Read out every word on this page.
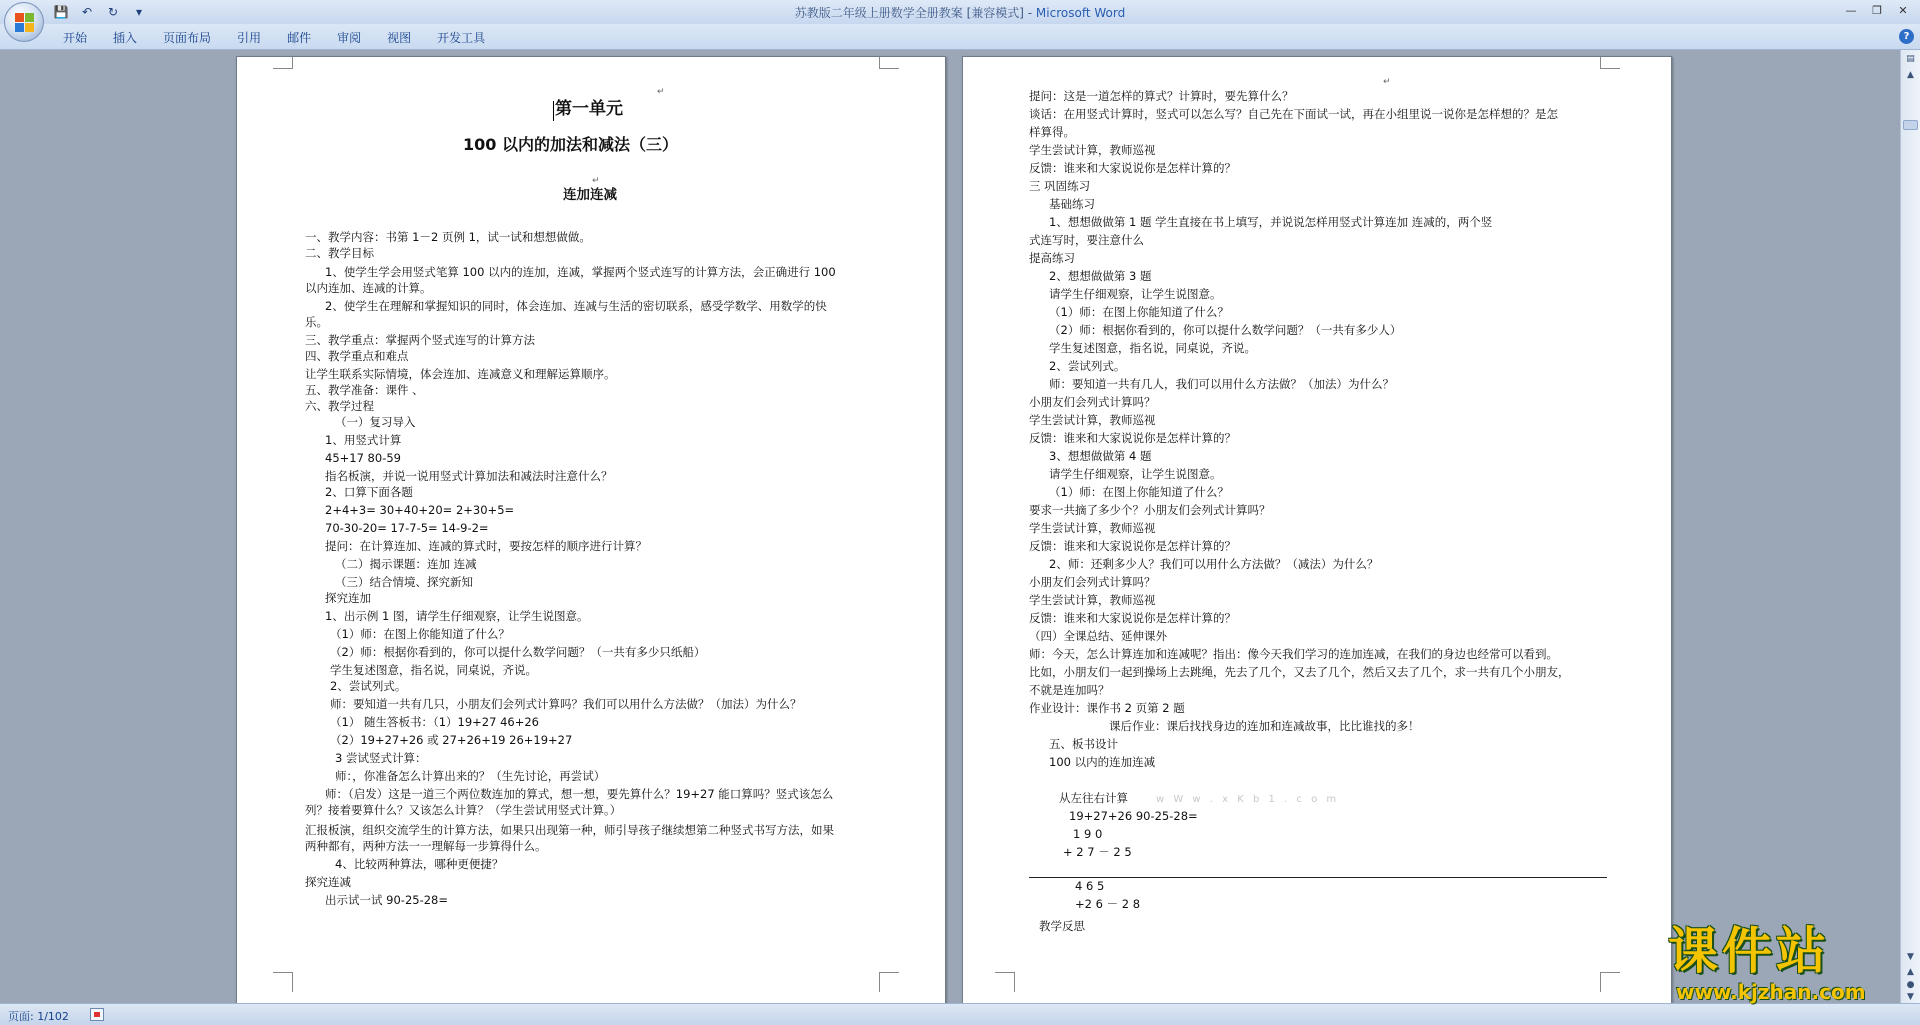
💾	↶	↻	▾	苏教版二年级上册数学全册教案 [兼容模式] - Microsoft Word	—	❐	✕
开始	插入	页面布局	引用	邮件	审阅	视图	开发工具	?
↵
第一单元
100 以内的加法和减法（三）
↵
连加连减
一、教学内容：书第 1－2 页例 1，试一试和想想做做。
二、教学目标
1、使学生学会用竖式笔算 100 以内的连加，连减，掌握两个竖式连写的计算方法，会正确进行 100
以内连加、连减的计算。
2、使学生在理解和掌握知识的同时，体会连加、连减与生活的密切联系，感受学数学、用数学的快
乐。
三、教学重点：掌握两个竖式连写的计算方法
四、教学重点和难点
让学生联系实际情境，体会连加、连减意义和理解运算顺序。
五、教学准备：课件 、
六、教学过程
（一）复习导入
1、用竖式计算
45+17 80-59
指名板演，并说一说用竖式计算加法和减法时注意什么？
2、口算下面各题
2+4+3= 30+40+20= 2+30+5=
70-30-20= 17-7-5= 14-9-2=
提问：在计算连加、连减的算式时，要按怎样的顺序进行计算？
（二）揭示课题：连加 连减
（三）结合情境、探究新知
探究连加
1、出示例 1 图，请学生仔细观察，让学生说图意。
（1）师：在图上你能知道了什么？
（2）师：根据你看到的，你可以提什么数学问题？（一共有多少只纸船）
学生复述图意，指名说，同桌说，齐说。
2、尝试列式。
师：要知道一共有几只，小朋友们会列式计算吗？我们可以用什么方法做？（加法）为什么？
（1） 随生答板书：（1）19+27 46+26
（2）19+27+26 或 27+26+19 26+19+27
3 尝试竖式计算：
师：，你准备怎么计算出来的？（生先讨论，再尝试）
师：（启发）这是一道三个两位数连加的算式，想一想，要先算什么？19+27 能口算吗？竖式该怎么
列？接着要算什么？又该怎么计算？（学生尝试用竖式计算。）
汇报板演，组织交流学生的计算方法，如果只出现第一种，师引导孩子继续想第二种竖式书写方法，如果
两种都有，两种方法一一理解每一步算得什么。
4、比较两种算法，哪种更便捷？
探究连减
出示试一试 90-25-28=
↵
提问：这是一道怎样的算式？计算时，要先算什么？
谈话：在用竖式计算时，竖式可以怎么写？自己先在下面试一试，再在小组里说一说你是怎样想的？是怎
样算得。
学生尝试计算，教师巡视
反馈：谁来和大家说说你是怎样计算的？
三 巩固练习
基础练习
1、想想做做第 1 题 学生直接在书上填写，并说说怎样用竖式计算连加 连减的，两个竖
式连写时，要注意什么
提高练习
2、想想做做第 3 题
请学生仔细观察，让学生说图意。
（1）师：在图上你能知道了什么？
（2）师：根据你看到的，你可以提什么数学问题？（一共有多少人）
学生复述图意，指名说，同桌说，齐说。
2、尝试列式。
师：要知道一共有几人，我们可以用什么方法做？（加法）为什么？
小朋友们会列式计算吗？
学生尝试计算，教师巡视
反馈：谁来和大家说说你是怎样计算的？
3、想想做做第 4 题
请学生仔细观察，让学生说图意。
（1）师：在图上你能知道了什么？
要求一共摘了多少个？小朋友们会列式计算吗？
学生尝试计算，教师巡视
反馈：谁来和大家说说你是怎样计算的？
2、师：还剩多少人？我们可以用什么方法做？（减法）为什么？
小朋友们会列式计算吗？
学生尝试计算，教师巡视
反馈：谁来和大家说说你是怎样计算的？
（四）全课总结、延伸课外
师：今天，怎么计算连加和连减呢？指出：像今天我们学习的连加连减，在我们的身边也经常可以看到。
比如，小朋友们一起到操场上去跳绳，先去了几个，又去了几个，然后又去了几个，求一共有几个小朋友，
不就是连加吗？
作业设计：课作书 2 页第 2 题
课后作业：课后找找身边的连加和连减故事，比比谁找的多！
五、板书设计
100 以内的连加连减
从左往右计算
19+27+26 90-25-28=
1 9 0
+ 2 7 － 2 5
4 6 5
+2 6 － 2 8
教学反思
w W w . x K b 1 . c o m
▤
▲
▼
▲
●
▼
页面: 1/102
课件站
www.kjzhan.com
